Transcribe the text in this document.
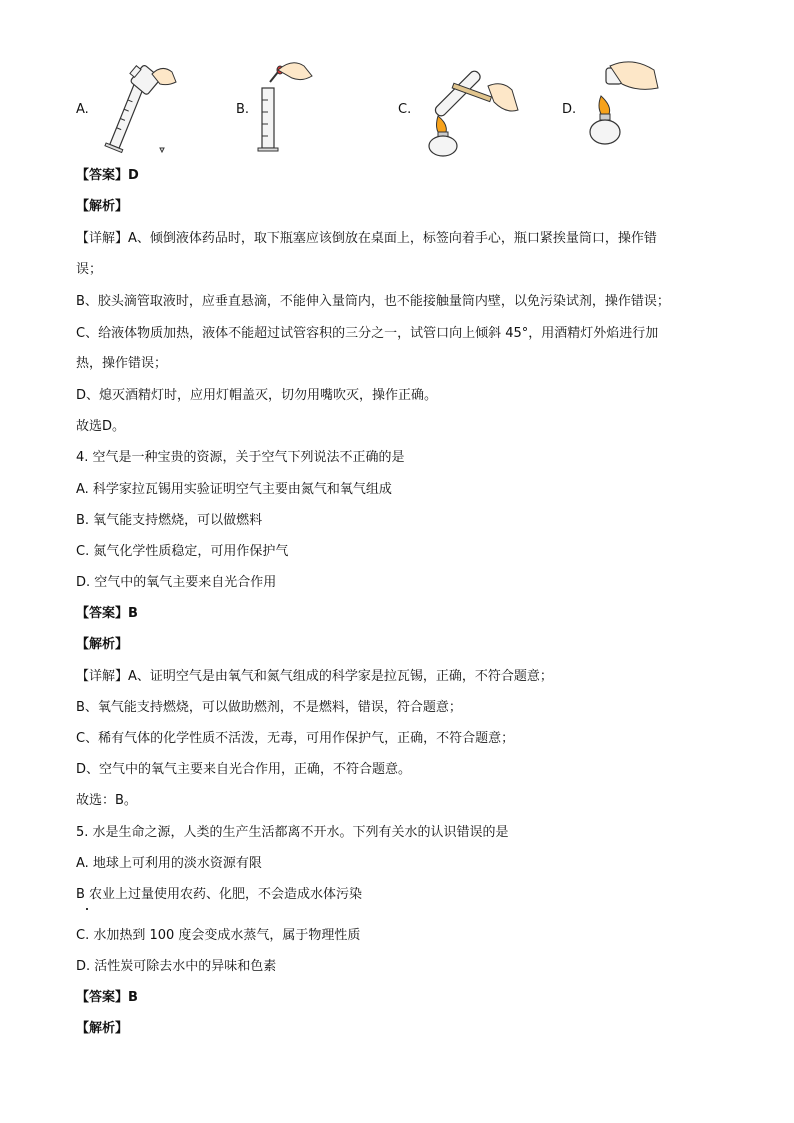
A.	B.	C.	D.
【答案】D
【解析】
【详解】A、倾倒液体药品时，取下瓶塞应该倒放在桌面上，标签向着手心，瓶口紧挨量筒口，操作错
误；
B、胶头滴管取液时，应垂直悬滴，不能伸入量筒内，也不能接触量筒内壁，以免污染试剂，操作错误；
C、给液体物质加热，液体不能超过试管容积的三分之一，试管口向上倾斜 45°，用酒精灯外焰进行加
热，操作错误；
D、熄灭酒精灯时，应用灯帽盖灭，切勿用嘴吹灭，操作正确。
故选D。
4. 空气是一种宝贵的资源，关于空气下列说法不正确的是
A. 科学家拉瓦锡用实验证明空气主要由氮气和氧气组成
B. 氧气能支持燃烧，可以做燃料
C. 氮气化学性质稳定，可用作保护气
D. 空气中的氧气主要来自光合作用
【答案】B
【解析】
【详解】A、证明空气是由氧气和氮气组成的科学家是拉瓦锡，正确，不符合题意；
B、氧气能支持燃烧，可以做助燃剂，不是燃料，错误，符合题意；
C、稀有气体的化学性质不活泼，无毒，可用作保护气，正确，不符合题意；
D、空气中的氧气主要来自光合作用，正确，不符合题意。
故选：B。
5. 水是生命之源，人类的生产生活都离不开水。下列有关水的认识错误的是
A. 地球上可利用的淡水资源有限
B 农业上过量使用农药、化肥，不会造成水体污染
C. 水加热到 100 度会变成水蒸气，属于物理性质
D. 活性炭可除去水中的异味和色素
【答案】B
【解析】
